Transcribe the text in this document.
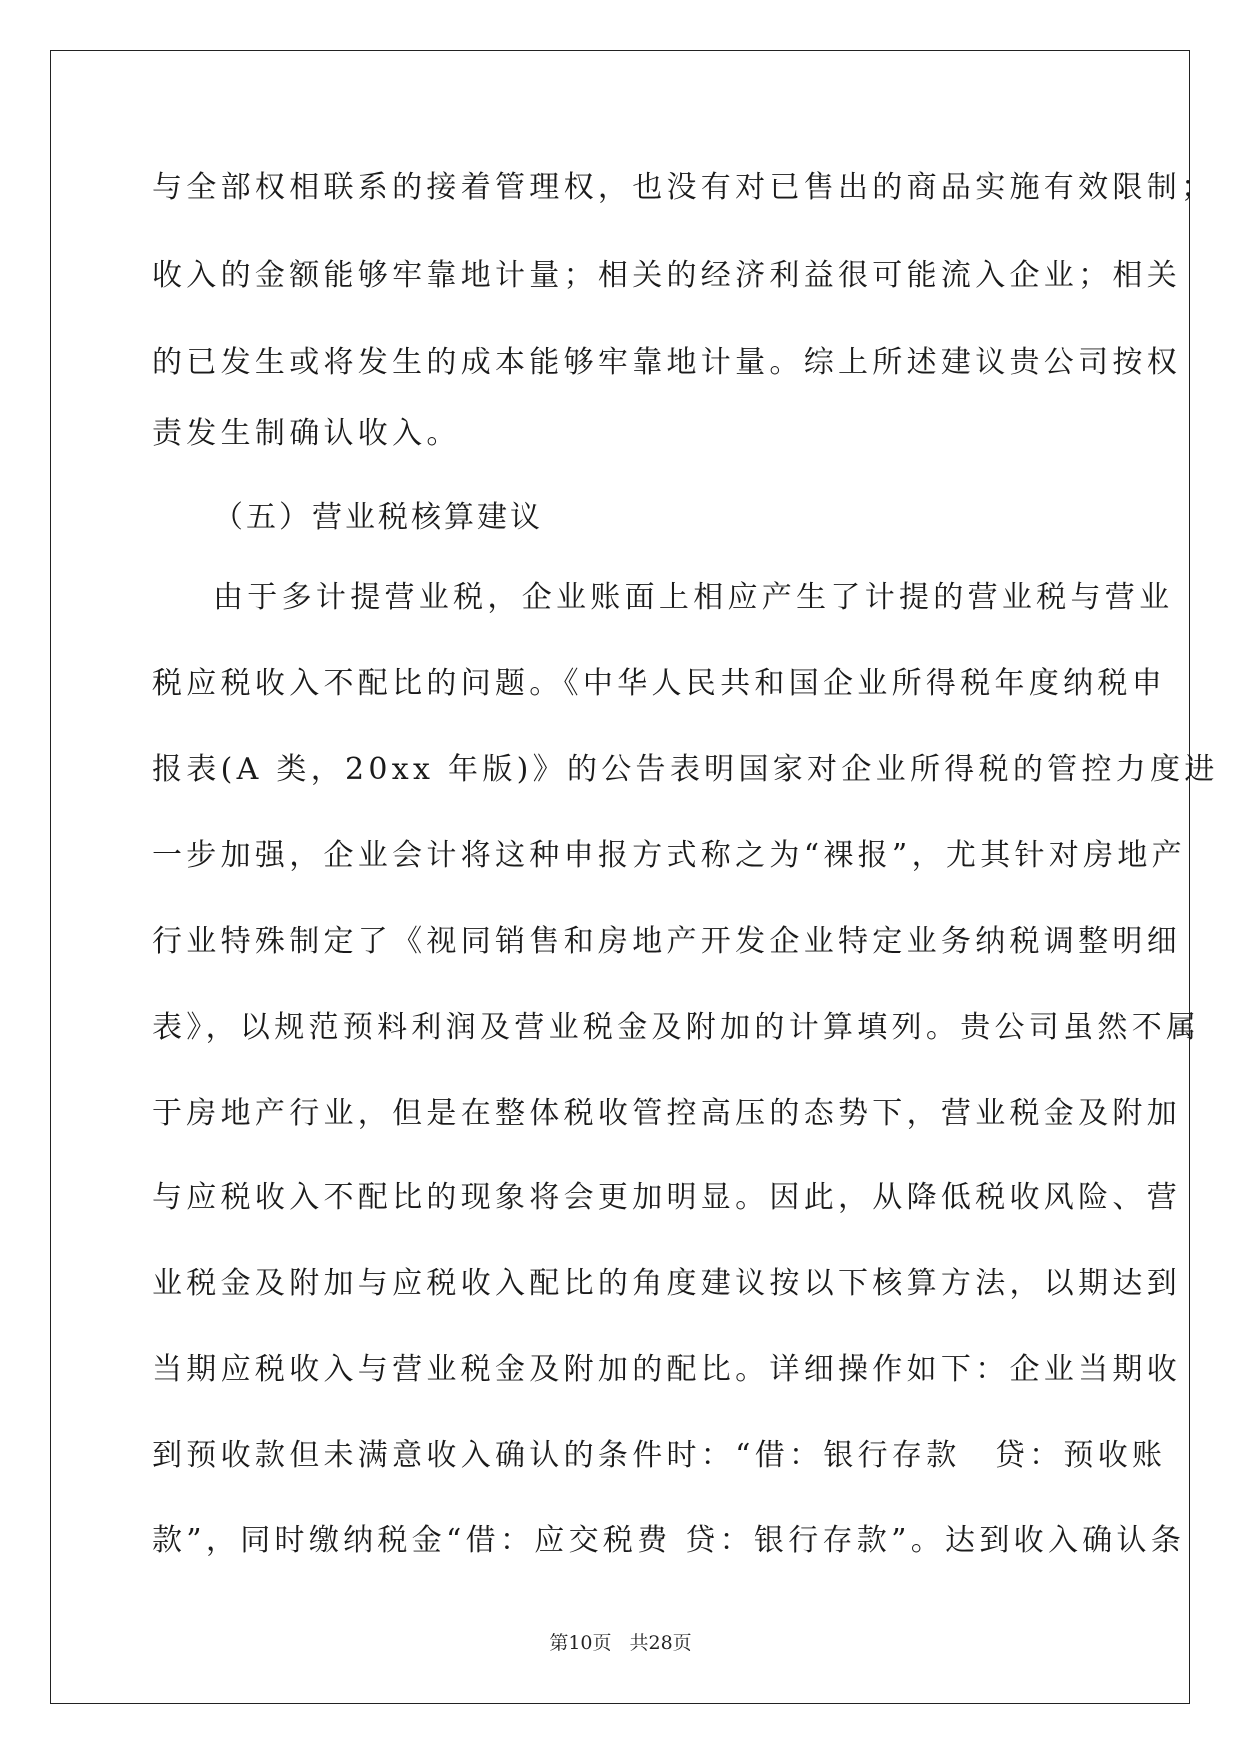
与全部权相联系的接着管理权，也没有对已售出的商品实施有效限制；
收入的金额能够牢靠地计量；相关的经济利益很可能流入企业；相关
的已发生或将发生的成本能够牢靠地计量。综上所述建议贵公司按权
责发生制确认收入。
（五）营业税核算建议
由于多计提营业税，企业账面上相应产生了计提的营业税与营业
税应税收入不配比的问题。《中华人民共和国企业所得税年度纳税申
报表(A 类，20xx 年版)》的公告表明国家对企业所得税的管控力度进
一步加强，企业会计将这种申报方式称之为“裸报”，尤其针对房地产
行业特殊制定了《视同销售和房地产开发企业特定业务纳税调整明细
表》，以规范预料利润及营业税金及附加的计算填列。贵公司虽然不属
于房地产行业，但是在整体税收管控高压的态势下，营业税金及附加
与应税收入不配比的现象将会更加明显。因此，从降低税收风险、营
业税金及附加与应税收入配比的角度建议按以下核算方法，以期达到
当期应税收入与营业税金及附加的配比。详细操作如下：企业当期收
到预收款但未满意收入确认的条件时：“借：银行存款　贷：预收账
款”，同时缴纳税金“借：应交税费 贷：银行存款”。达到收入确认条
第10页 共28页
